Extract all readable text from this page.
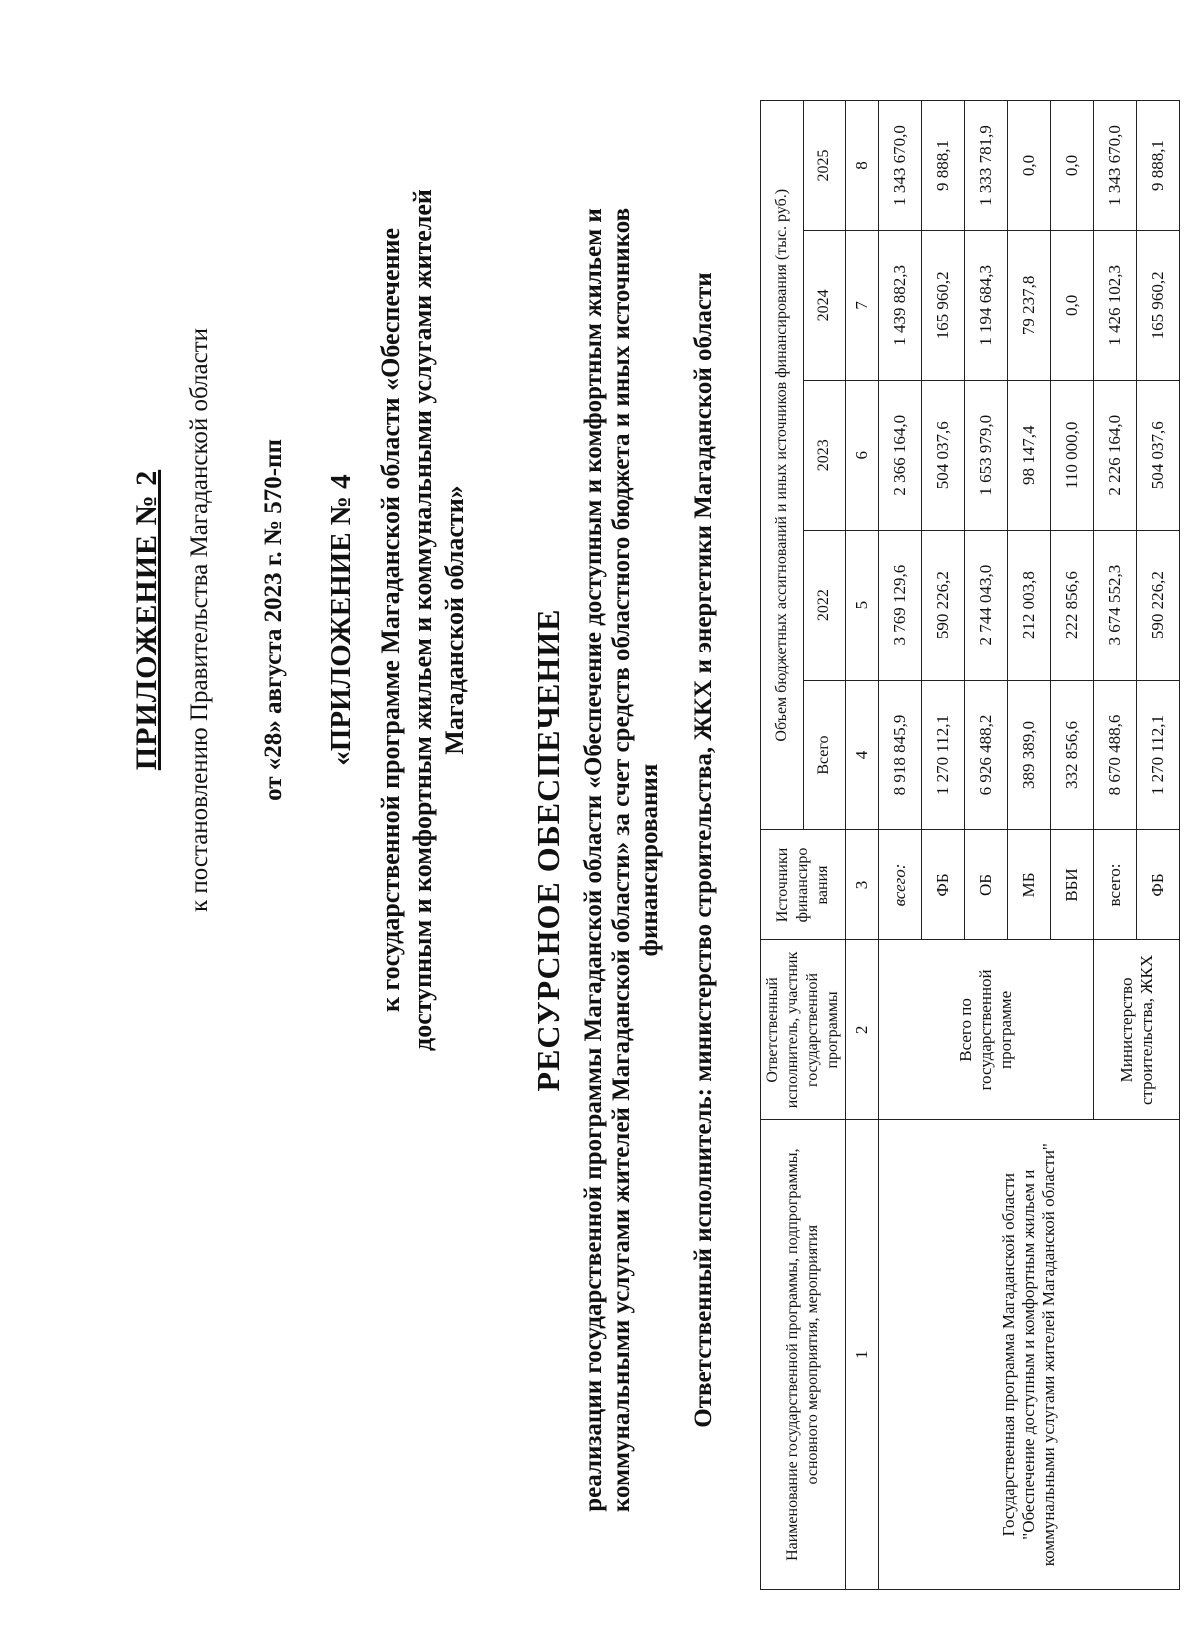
ПРИЛОЖЕНИЕ № 2 к постановлению Правительства Магаданской области от «28» августа 2023 г. № 570-пп «ПРИЛОЖЕНИЕ № 4 к государственной программе Магаданской области «Обеспечение доступным и комфортным жильем и коммунальными услугами жителей Магаданской области» РЕСУРСНОЕ ОБЕСПЕЧЕНИЕ реализации государственной программы Магаданской области «Обеспечение доступным и комфортным жильем и коммунальными услугами жителей Магаданской области» за счет средств областного бюджета и иных источников финансирования Ответственный исполнитель: министерство строительства, ЖКХ и энергетики Магаданской области	Наименование государственной программы, подпрограммы, основного мероприятия, мероприятия	Ответственный исполнитель, участник государственной программы	Источники финансиро вания	Объем бюджетных ассигнований и иных источников финансирования (тыс. руб.)				
			Всего	2022	2023	2024	2025
1	2	3	4	5	6	7	8
Государственная программа Магаданской области "Обеспечение доступным и комфортным жильем и коммунальными услугами жителей Магаданской области"	Всего по государственной программе	всего:	8 918 845,9	3 769 129,6	2 366 164,0	1 439 882,3	1 343 670,0
		ФБ	1 270 112,1	590 226,2	504 037,6	165 960,2	9 888,1
		ОБ	6 926 488,2	2 744 043,0	1 653 979,0	1 194 684,3	1 333 781,9
		МБ	389 389,0	212 003,8	98 147,4	79 237,8	0,0
		ВБИ	332 856,6	222 856,6	110 000,0	0,0	0,0
	Министерство строительства, ЖКХ	всего:	8 670 488,6	3 674 552,3	2 226 164,0	1 426 102,3	1 343 670,0
		ФБ	1 270 112,1	590 226,2	504 037,6	165 960,2	9 888,1
